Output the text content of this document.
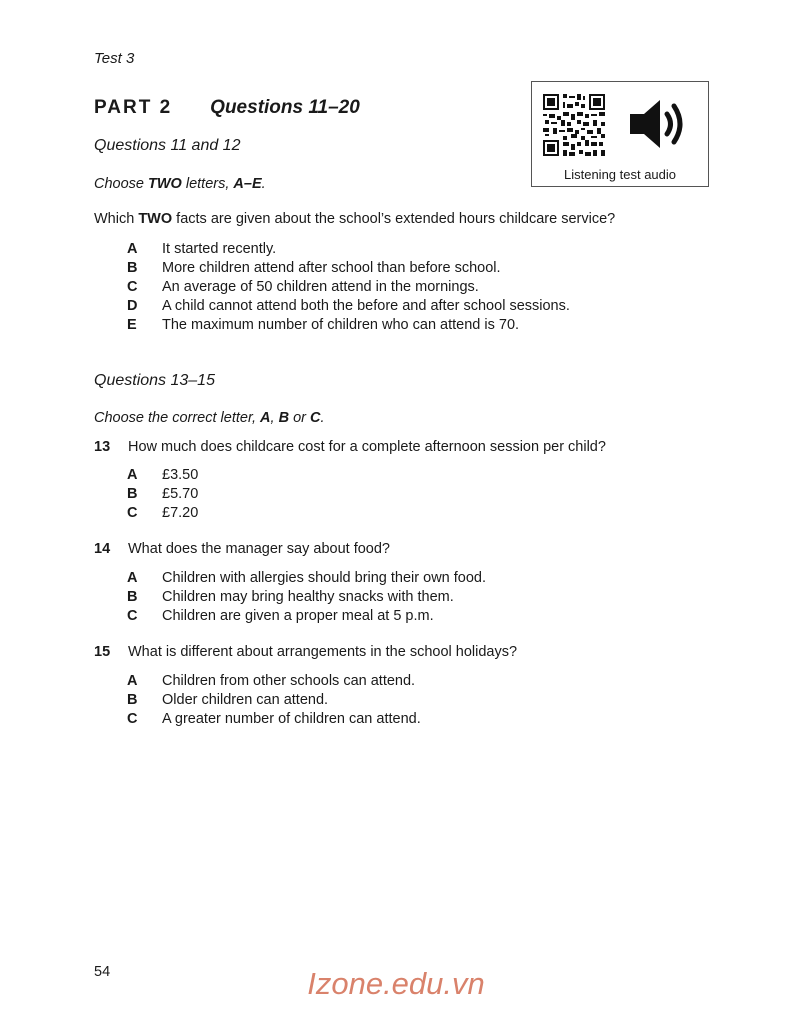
Test 3
PART 2 Questions 11–20
Listening test audio
Questions 11 and 12
Choose TWO letters, A–E.
Which TWO facts are given about the school’s extended hours childcare service?
A It started recently.
B More children attend after school than before school.
C An average of 50 children attend in the mornings.
D A child cannot attend both the before and after school sessions.
E The maximum number of children who can attend is 70.
Questions 13–15
Choose the correct letter, A, B or C.
13 How much does childcare cost for a complete afternoon session per child?
A £3.50
B £5.70
C £7.20
14 What does the manager say about food?
A Children with allergies should bring their own food.
B Children may bring healthy snacks with them.
C Children are given a proper meal at 5 p.m.
15 What is different about arrangements in the school holidays?
A Children from other schools can attend.
B Older children can attend.
C A greater number of children can attend.
54	Izone.edu.vn
